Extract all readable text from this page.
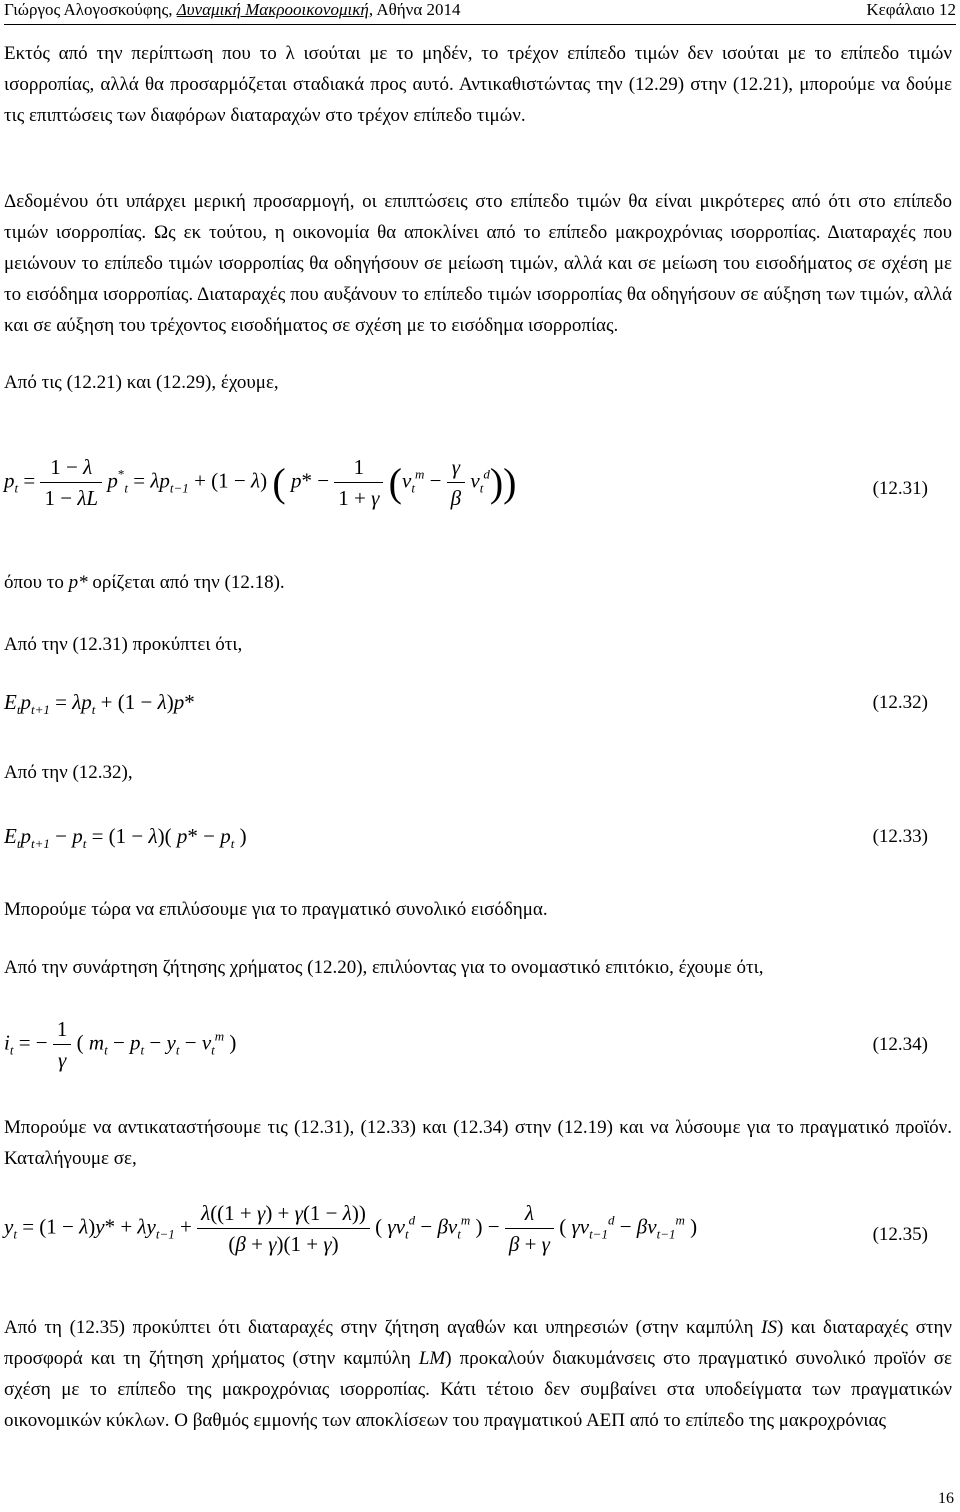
Γιώργος Αλογοσκούφης, Δυναμική Μακροοικονομική, Αθήνα 2014	Κεφάλαιο 12

Εκτός από την περίπτωση που το λ ισούται με το μηδέν, το τρέχον επίπεδο τιμών δεν ισούται με το επίπεδο τιμών ισορροπίας, αλλά θα προσαρμόζεται σταδιακά προς αυτό. Αντικαθιστώντας την (12.29) στην (12.21), μπορούμε να δούμε τις επιπτώσεις των διαφόρων διαταραχών στο τρέχον επίπεδο τιμών.

Δεδομένου ότι υπάρχει μερική προσαρμογή, οι επιπτώσεις στο επίπεδο τιμών θα είναι μικρότερες από ότι στο επίπεδο τιμών ισορροπίας. Ως εκ τούτου, η οικονομία θα αποκλίνει από το επίπεδο μακροχρόνιας ισορροπίας. Διαταραχές που μειώνουν το επίπεδο τιμών ισορροπίας θα οδηγήσουν σε μείωση τιμών, αλλά και σε μείωση του εισοδήματος σε σχέση με το εισόδημα ισορροπίας. Διαταραχές που αυξάνουν το επίπεδο τιμών ισορροπίας θα οδηγήσουν σε αύξηση των τιμών, αλλά και σε αύξηση του τρέχοντος εισοδήματος σε σχέση με το εισόδημα ισορροπίας.

Από τις (12.21) και (12.29), έχουμε,
$p_t = \frac{1 - \lambda}{1 - \lambda L} p^*_t = \lambda p_{t-1} + (1 - \lambda)$ ( $p* - \frac{1}{1 + \gamma} (v_t^m - \frac{\gamma}{\beta} v_t^d)$)	(12.31)
όπου το p* ορίζεται από την (12.18).
Από την (12.31) προκύπτει ότι,
$E_tp_{t+1} = \lambda p_t + (1 - \lambda)p*$	(12.32)
Από την (12.32),
$E_tp_{t+1} - p_t = (1 - \lambda)$( $p* - p_t$ )	(12.33)
Μπορούμε τώρα να επιλύσουμε για το πραγματικό συνολικό εισόδημα.
Από την συνάρτηση ζήτησης χρήματος (12.20), επιλύοντας για το ονομαστικό επιτόκιο, έχουμε ότι,
$i_t$ = − $\frac{1}{\gamma}$ ( $m_t - p_t - y_t - v_t^m$ )	(12.34)

Μπορούμε να αντικαταστήσουμε τις (12.31), (12.33) και (12.34) στην (12.19) και να λύσουμε για το πραγματικό προϊόν. Καταλήγουμε σε,

$y_t = (1 - \lambda)y* + \lambda y_{t-1} + \frac{\lambda((1 + \gamma) + \gamma(1 - \lambda))}{(\beta + \gamma)(1 + \gamma)}$ ( $\gamma v_t^d - \beta v_t^m$ ) − $\frac{\lambda}{\beta + \gamma}$ ( $\gamma v_{t-1}^d - \beta v_{t-1}^m$ )	(12.35)

Από τη (12.35) προκύπτει ότι διαταραχές στην ζήτηση αγαθών και υπηρεσιών (στην καμπύλη IS) και διαταραχές στην προσφορά και τη ζήτηση χρήματος (στην καμπύλη LM) προκαλούν διακυμάνσεις στο πραγματικό συνολικό προϊόν σε σχέση με το επίπεδο της μακροχρόνιας ισορροπίας. Κάτι τέτοιο δεν συμβαίνει στα υποδείγματα των πραγματικών οικονομικών κύκλων. Ο βαθμός εμμονής των αποκλίσεων του πραγματικού ΑΕΠ από το επίπεδο της μακροχρόνιας

16
